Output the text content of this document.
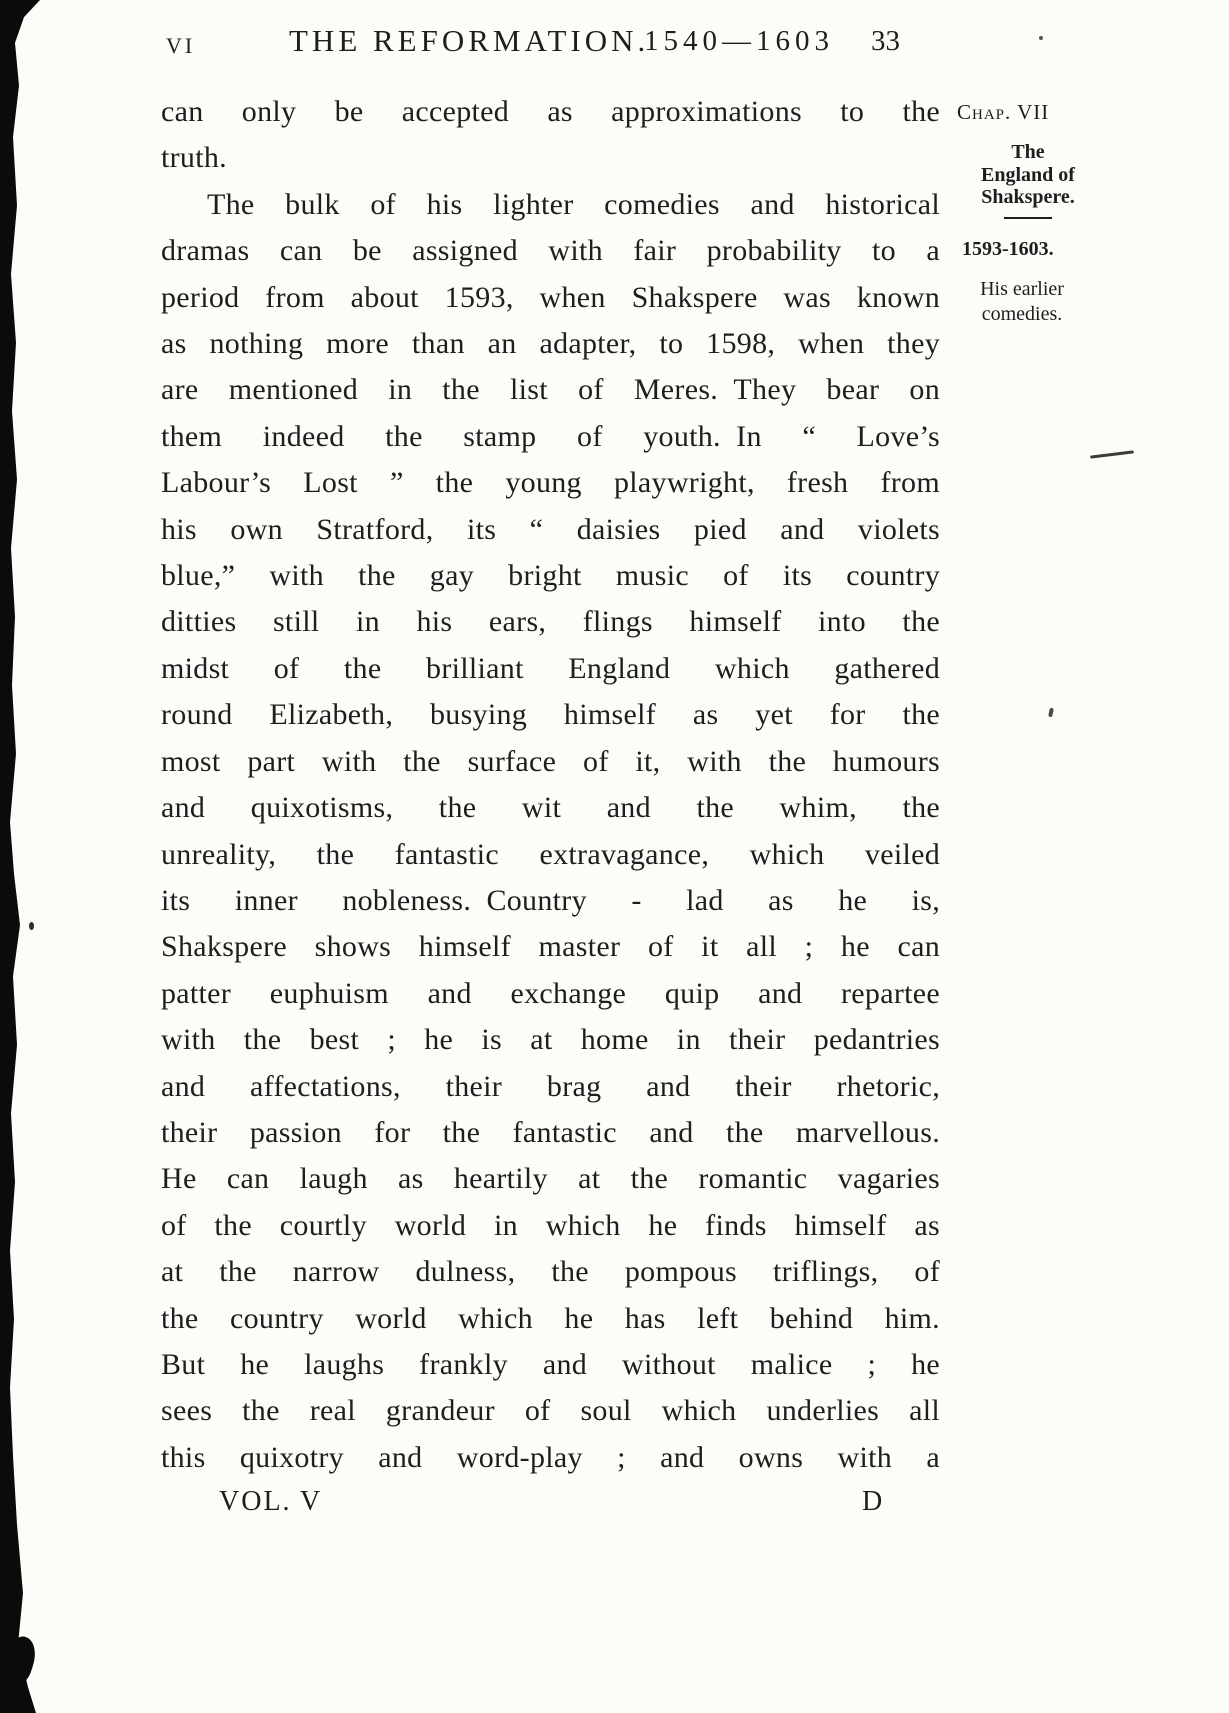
VI	THE REFORMATION.
1540—1603 33
can only be accepted as approximations to the
truth.
The bulk of his lighter comedies and historical
dramas can be assigned with fair probability to a
period from about 1593, when Shakspere was known
as nothing more than an adapter, to 1598, when they
are mentioned in the list of Meres. They bear on
them indeed the stamp of youth. In “ Love’s
Labour’s Lost ” the young playwright, fresh from
his own Stratford, its “ daisies pied and violets
blue,” with the gay bright music of its country
ditties still in his ears, flings himself into the
midst of the brilliant England which gathered
round Elizabeth, busying himself as yet for the
most part with the surface of it, with the humours
and quixotisms, the wit and the whim, the
unreality, the fantastic extravagance, which veiled
its inner nobleness. Country - lad as he is,
Shakspere shows himself master of it all ; he can
patter euphuism and exchange quip and repartee
with the best ; he is at home in their pedantries
and affectations, their brag and their rhetoric,
their passion for the fantastic and the marvellous.
He can laugh as heartily at the romantic vagaries
of the courtly world in which he finds himself as
at the narrow dulness, the pompous triflings, of
the country world which he has left behind him.
But he laughs frankly and without malice ; he
sees the real grandeur of soul which underlies all
this quixotry and word-play ; and owns with a
Chap. VII
The
England of
Shakspere.
1593-1603.
His earlier
comedies.
VOL. V	D
